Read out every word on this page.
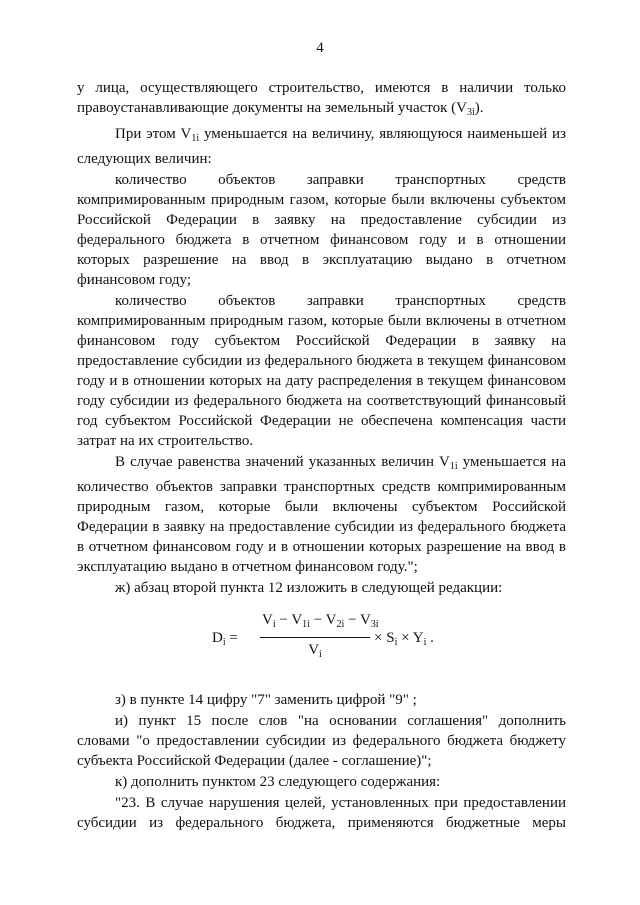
4

у лица, осуществляющего строительство, имеются в наличии только правоустанавливающие документы на земельный участок $(V_{3i})$.

При этом $V_{1i}$ уменьшается на величину, являющуюся наименьшей из следующих величин:

количество объектов заправки транспортных средств компримированным природным газом, которые были включены субъектом Российской Федерации в заявку на предоставление субсидии из федерального бюджета в отчетном финансовом году и в отношении которых разрешение на ввод в эксплуатацию выдано в отчетном финансовом году;

количество объектов заправки транспортных средств компримированным природным газом, которые были включены в отчетном финансовом году субъектом Российской Федерации в заявку на предоставление субсидии из федерального бюджета в текущем финансовом году и в отношении которых на дату распределения в текущем финансовом году субсидии из федерального бюджета на соответствующий финансовый год субъектом Российской Федерации не обеспечена компенсация части затрат на их строительство.

В случае равенства значений указанных величин $V_{1i}$ уменьшается на количество объектов заправки транспортных средств компримированным природным газом, которые были включены субъектом Российской Федерации в заявку на предоставление субсидии из федерального бюджета в отчетном финансовом году и в отношении которых разрешение на ввод в эксплуатацию выдано в отчетном финансовом году.";

ж) абзац второй пункта 12 изложить в следующей редакции:

$D_i = \frac{V_i - V_{1i} - V_{2i} - V_{3i}}{V_i} \times S_i \times Y_i$ .

з) в пункте 14 цифру "7" заменить цифрой "9" ;

и) пункт 15 после слов "на основании соглашения" дополнить словами "о предоставлении субсидии из федерального бюджета бюджету субъекта Российской Федерации (далее - соглашение)";

к) дополнить пунктом 23 следующего содержания:

"23. В случае нарушения целей, установленных при предоставлении субсидии из федерального бюджета, применяются бюджетные меры
